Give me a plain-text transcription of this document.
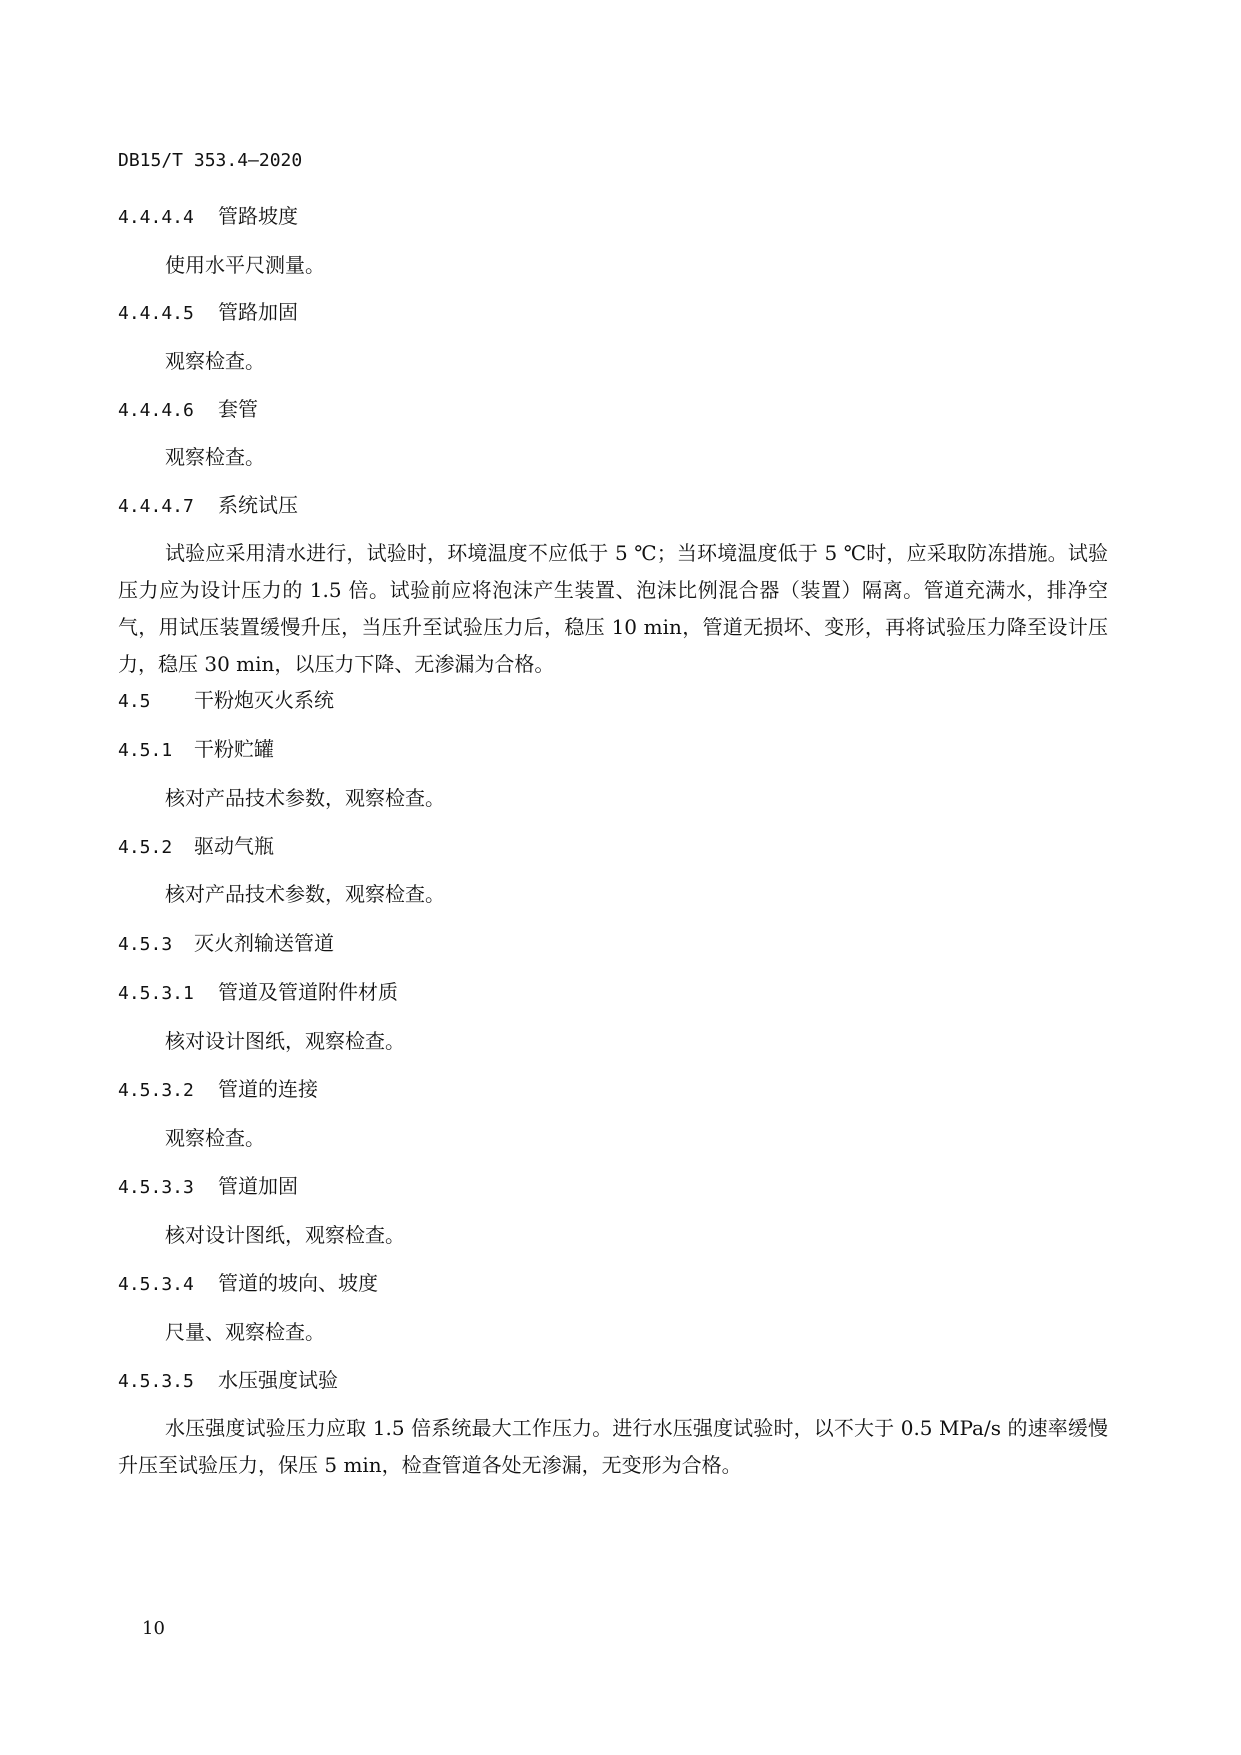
DB15/T 353.4—2020
4.4.4.4 管路坡度
使用水平尺测量。
4.4.4.5 管路加固
观察检查。
4.4.4.6 套管
观察检查。
4.4.4.7 系统试压
试验应采用清水进行，试验时，环境温度不应低于 5 ℃；当环境温度低于 5 ℃时，应采取防冻措施。试验压力应为设计压力的 1.5 倍。试验前应将泡沫产生装置、泡沫比例混合器（装置）隔离。管道充满水，排净空气，用试压装置缓慢升压，当压升至试验压力后，稳压 10 min，管道无损坏、变形，再将试验压力降至设计压力，稳压 30 min，以压力下降、无渗漏为合格。
4.5 干粉炮灭火系统
4.5.1 干粉贮罐
核对产品技术参数，观察检查。
4.5.2 驱动气瓶
核对产品技术参数，观察检查。
4.5.3 灭火剂输送管道
4.5.3.1 管道及管道附件材质
核对设计图纸，观察检查。
4.5.3.2 管道的连接
观察检查。
4.5.3.3 管道加固
核对设计图纸，观察检查。
4.5.3.4 管道的坡向、坡度
尺量、观察检查。
4.5.3.5 水压强度试验
水压强度试验压力应取 1.5 倍系统最大工作压力。进行水压强度试验时，以不大于 0.5 MPa/s 的速率缓慢升压至试验压力，保压 5 min，检查管道各处无渗漏，无变形为合格。
10
